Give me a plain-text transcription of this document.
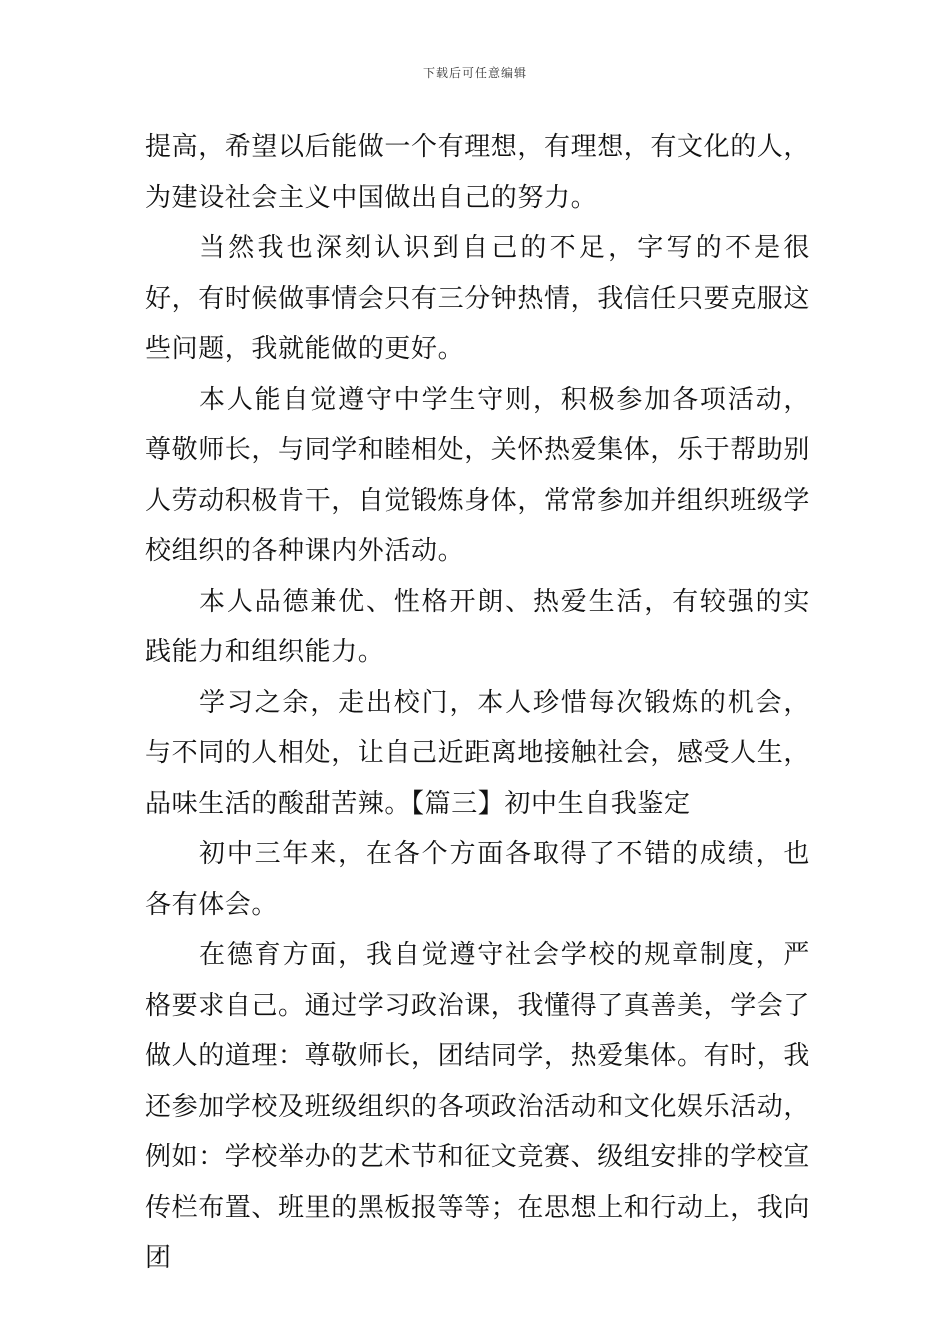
下载后可任意编辑

提高，希望以后能做一个有理想，有理想，有文化的人，为建设社会主义中国做出自己的努力。

当然我也深刻认识到自己的不足，字写的不是很好，有时候做事情会只有三分钟热情，我信任只要克服这些问题，我就能做的更好。

本人能自觉遵守中学生守则，积极参加各项活动，尊敬师长，与同学和睦相处，关怀热爱集体，乐于帮助别人劳动积极肯干，自觉锻炼身体，常常参加并组织班级学校组织的各种课内外活动。

本人品德兼优、性格开朗、热爱生活，有较强的实践能力和组织能力。

学习之余，走出校门，本人珍惜每次锻炼的机会，与不同的人相处，让自己近距离地接触社会，感受人生，品味生活的酸甜苦辣。【篇三】初中生自我鉴定

初中三年来，在各个方面各取得了不错的成绩，也各有体会。

在德育方面，我自觉遵守社会学校的规章制度，严格要求自己。通过学习政治课，我懂得了真善美，学会了做人的道理：尊敬师长，团结同学，热爱集体。有时，我还参加学校及班级组织的各项政治活动和文化娱乐活动，例如：学校举办的艺术节和征文竞赛、级组安排的学校宣传栏布置、班里的黑板报等等；在思想上和行动上，我向团
